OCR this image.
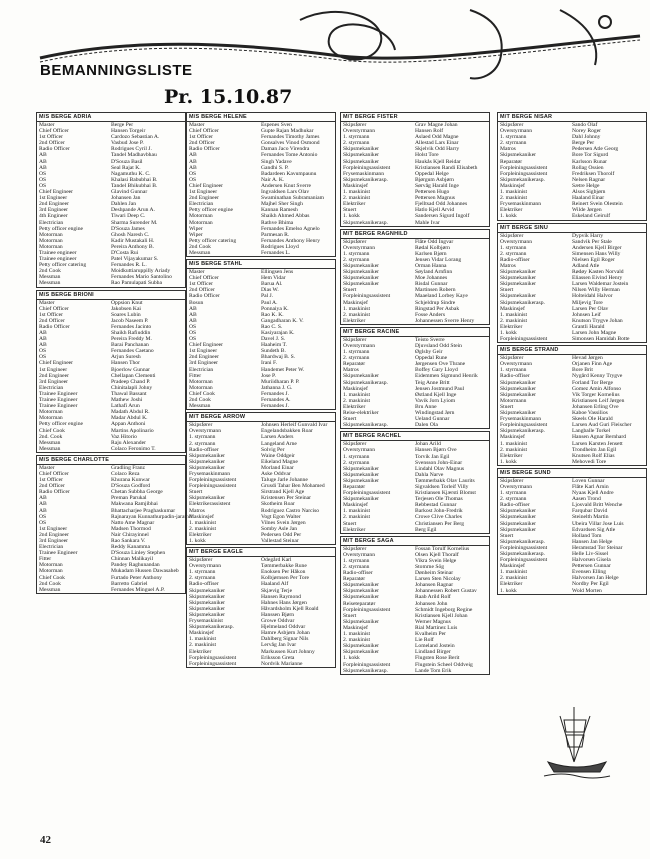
BEMANNINGSLISTE
Pr. 15.10.87
M/S BERGE ADRIA
Master	Berge Per
Chief Officer	Hansen Torgeir
1st Officer	Cardozo Sebastian A.
2nd Officer	Vasbud Jose P.
Radio Officer	Rodrigues Cyril J.
AB	Tandel Madhavbhau
AB	D'Souza Basil
AB	Seal Rajat K.
OS	Nagamuthu K. C.
OS	Khalasi Babubhai B.
OS	Tandel Bhikubhai B.
Chief Engineer	Glavind Gunnar
1st Engineer	Johansen Jan
2nd Engineer	Dahlen Jan
3rd Engineer	Deshpande Arun A.
4th Engineer	Tiwari Deep C.
Electrician	Sharma Surender M.
Petty officer engine	D'Souza James
Motorman	Ghosh Naresh C.
Motorman	Kadir Mustakali H.
Motorman	Pereira Anthony B.
Trainee engineer	D'Costa Rui
Trainee engineer	Patel Vijayakumar S.
Petty officer catering	Fernandes R. L.
2nd Cook	Moidkuttiaruppilly Ariady
Messman	Fernandes Mario Santolino
Messman	Rao Pamulapati Subba
M/S BERGE BRIONI
Master	Oppsion Knut
Chief Officer	Jakobsen Kai
1st Officer	Soares Lubin
2nd Officer	Jacob Naseem P.
Radio Officer	Fernandes Jacinto
AB	Shaikh Rafiuddin
AB	Pereira Freddy M.
AB	Barai Panchanan
OS	Fernandes Caetano
OS	Arjun Suresh
Chief Engineer	Hansen Thor
1st Engineer	Bjoerlow Gunnar
2nd Engineer	Chellapan Clementi
3rd Engineer	Pradeep Chand P.
Electrician	Chinitalapli Johny
Trainee Engineer	Thawal Bassant
Trainee Engineer	Mathew Joshi
Trainee Engineer	Lathafi Arun
Motorman	Madath Abdul R.
Motorman	Madar Abdul K.
Petty officer engine	Appan Anthoni
Chief Cook	Martins Apolinario
2nd. Cook	Vaz Hitorio
Messman	Raju Alexander
Messman	Colaco Feronimo T.
M/S BERGE CHARLOTTE
Master	Gradling Franz
Chief Officer	Colaco Reza
1st Officer	Khurana Kunwar
2nd Officer	D'Souza Godford
Radio Officer	Chetan Subbha George
AB	Preman Parukal
AB	Makwana Ramjibhai
AB	Bhattacharjee Praghaskumar
OS	Rajnarayan Kunnathurpadin-jarathil
OS	Natto Ame Magnar
1st Engineer	Madsen Thormod
2nd Engineer	Nair Chirayinnel
3rd Engineer	Rao Sankara V.
Electrician	Reddy Kanamma
Trainee Engineer	D'Souza Linley Stephen
Fitter	Chinnan Malikayil
Motorman	Pandey Raghunandan
Motorman	Mukadam Hussen Dawasaheb
Chief Cook	Furtado Peter Anthony
2nd Cook	Barretto Gabriel
Messman	Fernandes Minguel A.P.
M/S BERGE HELENE
Master	Espenes Sven
Chief Officer	Gupte Rajan Madhukar
1st Officer	Fernandes Timothy James
2nd Officer	Gonsalves Vinod Osmond
Radio Officer	Daman Jaco Virendra
AB	Fernandes Tome Antonio
AB	Singh Yadave
AB	Gandhi S. P.
OS	Badardeen Kavumpaunu
OS	Nair A. K.
Chief Engineer	Andersen Knut Sverre
1st Engineer	Ingvaldsen Lars Olav
2nd Engineer	Swaminathan Subramaniam
Electrician	Majhel Sher Singh
Petty officer engine	Kannan Ramesh
Motorman	Shaikh Ahmed Abbas
Motorman	Rathve Bhima
Wiper	Fernandes Emelso Agnelo
Wiper	Parmesan R.
Petty officer catering	Fernandes Anthony Henry
2nd Cook	Rodrigues Lloyd
Messman	Fernandes L.
M/S BERGE STAHL
Master	Ellingsen Jens
Chief Officer	Hem Vidar
1st Officer	Barua Al.
2nd Officer	Dias W.
Radio Officer	Pal J.
Bosun	Paul A.
AB	Ponnaiya K.
AB	Rao K. K.
AB	Gangadharan K. V.
OS	Rao C. S.
OS	Kasiyarajan K.
OS	Davel J. S.
Chief Engineer	Haaheim T.
1st Engineer	Sundeth B.
2nd Engineer	Bhardwaj B. S.
3rd Engineer	Irani F.
Electrician	Handemet Peter W.
Fitter	Jose P.
Motorman	Muriidharan P. P.
Motorman	Jathanna J. G.
Chief Cook	Fernandes J.
2nd Cook	Fernandes A.
Messman	Fernandes J.
M/T BERGE ARROW
Skipsfører	Johnsen Herleif Gunvald Ivar
Overstyrmann	Engelandsbakken Roar
1. styrmann	Larsen Anders
2. styrmann	Langeland Arne
Radio-offiser	Solvig Per
Skipsmekaniker	Waine Oddgeir
Skipsmekaniker	Eikeland Magne
Skipsmekaniker	Morland Einar
Frysemaskinmann	Aske Oddvar
Forpleiningsassistent	Taluge Jarle Johanne
Forpleiningsassistent	Grusdi Tahar Ben Mohamed
Stuert	Sirstrand Kjell Age
Skipsmekaniker	Kristensen Per Steinar
Elektrikerassistent	Skotheim Roar
Matros	Rodriguez Castro Narciso
Maskinsjef	Vogt Egon Walter
1. maskinist	Vilnes Svein Jørgen
2. maskinist	Somby Asle Jan
Elektriker	Pedersen Odd Per
1. kokk	Vallestad Steinar
M/T BERGE EAGLE
Skipsfører	Odegård Karl
Overstyrmann	Tømmerbakke Rune
1. styrmann	Enoksen Per Håkon
2. styrmann	Kolbjørnsen Per Tore
Radio-offiser	Haaland Alf
Skipsmekaniker	Skjævig Terje
Skipsmekaniker	Hansen Raymond
Skipsmekaniker	Hahnes Hans Jørgen
Skipsmekaniker	Håvardsholm Kjell Roald
Skipsmekaniker	Hanssen Bjørn
Frysemaskinist	Growe Oddvar
Skipsmekanikerasp.	Hjelmeland Oddvar
Maskinsjef	Hamre Asbjørn Johan
1. maskinist	Dahlberg Signar Nils
2. maskinist	Lervåg Jan Ivar
Elektriker	Markussen Kurt Johnny
Forpleiningsassistent	Eriksson Greta
Forpleiningsassistent	Nordvik Marianne
M/T BERGE FISTER
Skipsfører	Grav Magne Johan
Overstyrmann	Hansen Rolf
1. styrmann	Aslaed Odd Magne
2. styrmann	Allestad Lars Einar
Skipsmekaniker	Skjelvik Odd Harry
Skipsmekaniker	Holst Tore
Skipsmekaniker	Haukås Kjell Reidar
Forpleiningsassistent	Kristiansen Randi Elisabeth
Frysemaskinmann	Oppedal Helge
Skipsmekanikerasp.	Bjørgum Asbjørn
Maskinsjef	Sørvåg Harald Inge
1. maskinist	Pettersen Hugo
2. maskinist	Pettersen Magnus
Elektriker	Fjelltsad Odd Johannes
Stuert	Hatlo Kjell Arvid
1. kokk	Sandersen Sigurd Ingolf
Skipsmekanikerasp.	Mahle Ivar
M/T BERGE RAGNHILD
Skipsfører	Flåte Odd Ingvar
Overstyrmann	Rødal Kolbjørn
1. styrmann	Karlsen Bjørn
2. styrmann	Jensen Vidar Lorang
Skipsmekaniker	Orman Hanna
Skipsmekaniker	Søyland Arnfinn
Skipsmekaniker	Moe Johannes
Skipsmekaniker	Risdal Gunnar
Stuert	Martinsen Robern
Forpleiningsassistent	Maaeland Lorbey Kaye
Maskinsjef	Schjeldrup Sindre
1. maskinist	Ringstad Per Asbak
2. maskinist	Fosse Anders
Elektriker	Johannessen Sverre Henry
M/T BERGE RACINE
Skipsfører	Teisto Sverre
Overstyrmann	Djuvsland Odd Stein
1. styrmann	Øglsby Geir
2. styrmann	Oppedal Rune
Reparatør	Jørgensen Ove Thrane
Matros	Boffey Gary Lloyd
Skipsmekaniker	Eidemmen Sigmund Henrik
Skipsmekanikerasp.	Teig Anne Britt
Maskinsjef	Jensen Jostmund Paul
1. maskinist	Østland Kjell Inge
2. maskinist	Vavik Jorn Lyiom
Elektriker	Bru Anne
Reise-elektriker	Windingstad Jørn
Stuert	Ueland Gunnar
Skipsmekanikerasp.	Dalen Ola
M/T BERGE RACHEL
Skipsfører	Johan Arild
Overstyrmann	Hansen Bjørn Ove
1. styrmann	Torvik Jan Egil
2. styrmann	Svensson John-Einar
Skipsmekaniker	Lindahl Olav Magnus
Skipsmekaniker	Dahla Narve
Skipsmekaniker	Tømmerbakk Olav Laurits
Reparatør	Sigvaldsen Torleif Villy
Forpleiningsassistent	Kristiansen Kjærsti Blomst
Skipsmekaniker	Terjesen Ole Thomas
Maskinsjef	Rebbestad Gunnar
1. maskinist	Barkost John-Fredrik
2. maskinist	Crowe Clive Charles
Stuert	Christiansen Per Berg
Elektriker	Berg Egil
M/T BERGE SAGA
Skipsfører	Fossan Torulf Kornelius
Overstyrmann	Olsen Kjell Thoralf
1. styrmann	Vikra Svein Helge
2. styrmann	Stomrne Sög
Radio-offiser	Dønheim Steinar
Reparatør	Larsen Sten Nicolay
Skipsmekaniker	Johansen Ragnar
Skipsmekaniker	Johannessen Robert Gustav
Skipsmekaniker	Raab Arild Rolf
Reiseteparatør	Johansen John
Forpleiningsassistent	Schmidt Ingeborg Regine
Stuert	Kristiansen Kjell Johan
Skipsmekaniker	Werner Magnus
Maskinsjef	Rial Martinez Luis
1. maskinist	Kvalheim Per
2. maskinist	Lie Rolf
Skipsmekaniker	Lomeland Jostein
Skipsmekaniker	Lindland Birger
1. kokk	Flugsten Rose Berit
Forpleiningsassistent	Flugstein Scheel Oddveig
Skipsmekanikerasp.	Lande Tom Erik
M/T BERGE NISAR
Skipsfører	Sando Olaf
Overstyrmann	Norey Roger
1. styrmann	Dahl Johnny
2. styrmann	Berge Per
Matros	Pedersen Atle Georg
Skipsmekaniker	Bore Tor Sigurd
Reparatør	Karlsson Runar
Forpleiningsassistent	Rollag Ossien
Forpleiningsassistent	Fredriksen Thorolf
Skipsmekanikerasp.	Nelsen Ragnar
Maskinsjef	Sætre Helge
1. maskinist	Alsos Sigbjørn
2. maskinist	Haaland Einar
Frysemaskinmann	Reinert Svein Olestein
Elektriker	Wilde Jørgen
1. kokk	Eskeland Geirulf
M/T BERGE SINU
Skipsfører	Dypvik Harry
Overstyrmann	Sandvik Per Stale
1. styrmann	Andersen Kjell Birger
2. styrmann	Simensen Hans Willy
Radio-offiser	Nielsen Egil Roger
Matros	Adland Atle
Skipsmekaniker	Rødøy Kasten Norvald
Skipsmekaniker	Eliassen Eivind Henry
Skipsmekaniker	Larsen Waldemar Jostein
Stuert	Nilsen Willy Herman
Skipsmekaniker	Holteidahl Halvor
Skipsmekanikerasp.	Miljevig Tore
Maskinsjef	Larsen Per Olav
1. maskinist	Johnsen Leif
2. maskinist	Knutson Trygve Johan
Elektriker	Grantli Harald
1. kokk	Larsen John Magne
Forpleiningsassistent	Simonsen Hamidah Botte
M/S BERGE STRAND
Skipsfører	Hevad Jørgen
Overstyrmann	Orjanen Finn Age
1. styrmann	Bore Brit
Radio-offiser	Nygård Kenny Trygve
Skipsmekaniker	Forland Tor Berge
Skipsmekaniker	Gomez Amin Alfonso
Skipsmekaniker	Vik Torger Kornelius
Motormann	Kristiansen Leif Jørgen
Stuert	Johansen Erling Ove
Skipsmekaniker	Kaboe Vassilios
Frysemaskinmann	Skeels Ole Harald
Forpleiningsassistent	Larsen Aud Guri Fleischer
Skipsmekanikerasp.	Langballe Torkel
Maskinsjef	Hansen Agnar Bernhard
1. maskinist	Larsen Karsten Jensett
2. maskinist	Trondheim Jan Egil
Elektriker	Knutsen Rolf Elias
1. kokk	Mehovedi Tore
M/S BERGE SUND
Skipsfører	Loven Gunnar
Overstyrmann	Flåte Karl Arnin
1. styrmann	Nyaas Kjell Andre
2. styrmann	Aasen Trond
Radio-offiser	Ljosvald Britt Wenche
Skipsmekaniker	Farqubar David
Skipsmekaniker	Steinelth Martin
Skipsmekaniker	Ubeira Villar Jose Luis
Skipsmekaniker	Edvardsen Sig Atle
Stuert	Holland Tom
Skipsmekanikerasp.	Hansen Jan Helge
Forpleiningsassistent	Heramstad Tor Steinar
Skipsmekanikerasp.	Helle Liv-Sissel
Forpleiningsassistent	Halvorsen Gisela
Maskinsjef	Pettersen Gunnar
1. maskinist	Evensen Elling
2. maskinist	Halvorsen Jan Helge
Elektriker	Nordby Per Egil
1. kokk	Wold Morten
42
